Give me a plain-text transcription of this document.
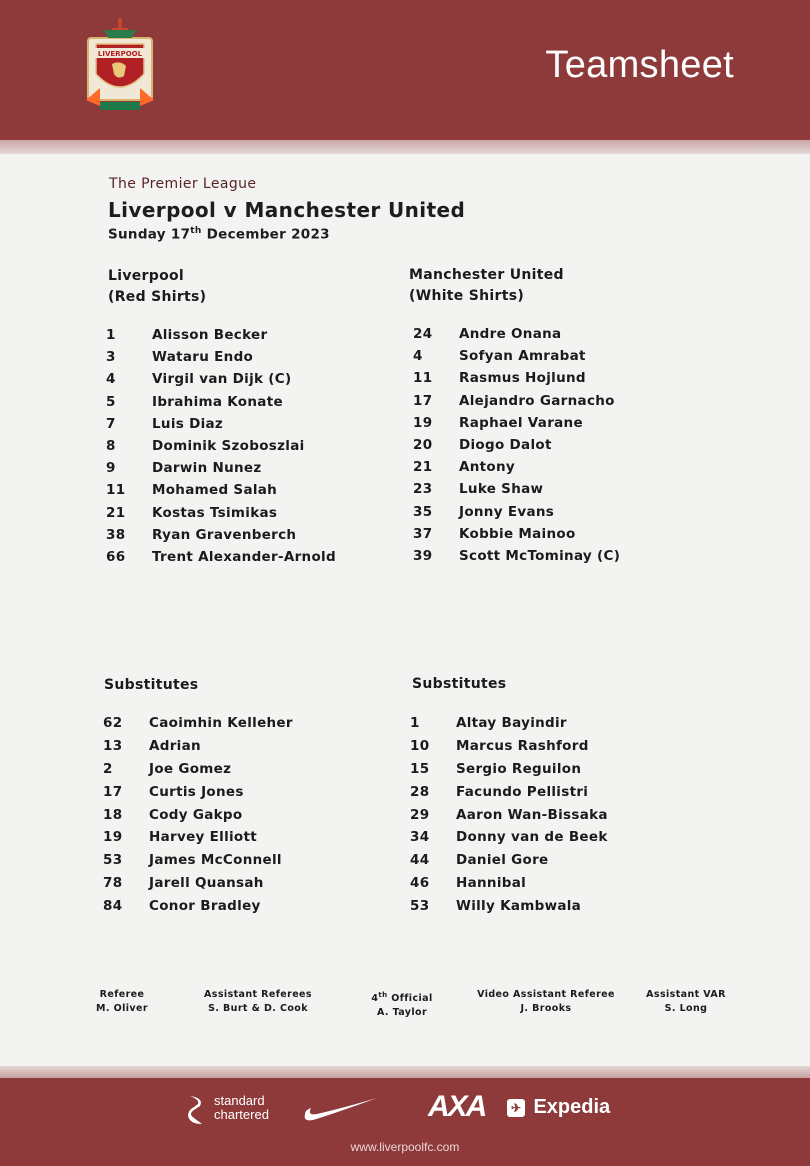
LIVERPOOL	Teamsheet
The Premier League
Liverpool v Manchester United
Sunday 17th December 2023
Liverpool
(Red Shirts)
Manchester United
(White Shirts)
1	Alisson Becker
3	Wataru Endo
4	Virgil van Dijk (C)
5	Ibrahima Konate
7	Luis Diaz
8	Dominik Szoboszlai
9	Darwin Nunez
11 Mohamed Salah
21 Kostas Tsimikas
38 Ryan Gravenberch
66 Trent Alexander-Arnold
24 Andre Onana
4	Sofyan Amrabat
11 Rasmus Hojlund
17 Alejandro Garnacho
19 Raphael Varane
20 Diogo Dalot
21 Antony
23 Luke Shaw
35 Jonny Evans
37 Kobbie Mainoo
39 Scott McTominay (C)
Substitutes	Substitutes
62 Caoimhin Kelleher
13 Adrian
2	Joe Gomez
17 Curtis Jones
18 Cody Gakpo
19 Harvey Elliott
53 James McConnell
78 Jarell Quansah
84 Conor Bradley
1	Altay Bayindir
10 Marcus Rashford
15 Sergio Reguilon
28 Facundo Pellistri
29 Aaron Wan-Bissaka
34 Donny van de Beek
44 Daniel Gore
46 Hannibal
53 Willy Kambwala
Referee
M. Oliver
Assistant Referees
S. Burt & D. Cook
4th Official
A. Taylor
Video Assistant Referee
J. Brooks
Assistant VAR
S. Long
standard
chartered	AXA	✈ Expedia
www.liverpoolfc.com
